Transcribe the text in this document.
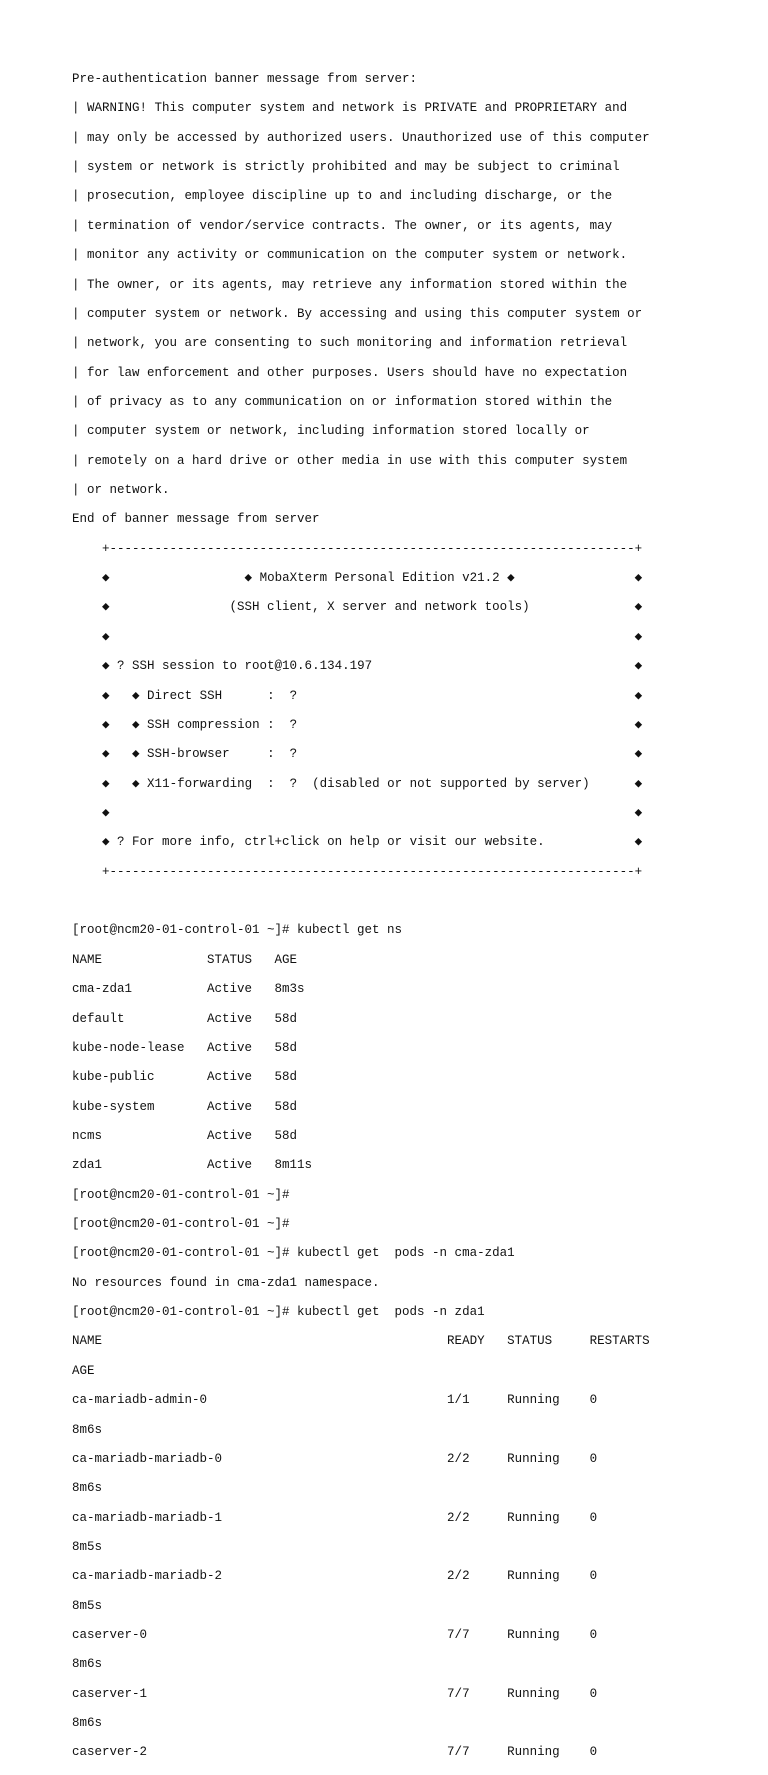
Pre-authentication banner message from server:

| WARNING! This computer system and network is PRIVATE and PROPRIETARY and

| may only be accessed by authorized users. Unauthorized use of this computer

| system or network is strictly prohibited and may be subject to criminal

| prosecution, employee discipline up to and including discharge, or the

| termination of vendor/service contracts. The owner, or its agents, may

| monitor any activity or communication on the computer system or network.

| The owner, or its agents, may retrieve any information stored within the

| computer system or network. By accessing and using this computer system or

| network, you are consenting to such monitoring and information retrieval

| for law enforcement and other purposes. Users should have no expectation

| of privacy as to any communication on or information stored within the

| computer system or network, including information stored locally or

| remotely on a hard drive or other media in use with this computer system

| or network.

End of banner message from server

+----------------------------------------------------------------------+

◆                  ◆ MobaXterm Personal Edition v21.2 ◆                ◆

◆                (SSH client, X server and network tools)              ◆

◆                                                                      ◆

◆ ? SSH session to root@10.6.134.197                                   ◆

◆   ◆ Direct SSH      :  ?                                             ◆

◆   ◆ SSH compression :  ?                                             ◆

◆   ◆ SSH-browser     :  ?                                             ◆

◆   ◆ X11-forwarding  :  ?  (disabled or not supported by server)      ◆

◆                                                                      ◆

◆ ? For more info, ctrl+click on help or visit our website.            ◆

+----------------------------------------------------------------------+

[root@ncm20-01-control-01 ~]# kubectl get ns

NAME              STATUS   AGE

cma-zda1          Active   8m3s

default           Active   58d

kube-node-lease   Active   58d

kube-public       Active   58d

kube-system       Active   58d

ncms              Active   58d

zda1              Active   8m11s

[root@ncm20-01-control-01 ~]#

[root@ncm20-01-control-01 ~]#

[root@ncm20-01-control-01 ~]# kubectl get  pods -n cma-zda1

No resources found in cma-zda1 namespace.

[root@ncm20-01-control-01 ~]# kubectl get  pods -n zda1

NAME                                              READY   STATUS     RESTARTS

AGE

ca-mariadb-admin-0                                1/1     Running    0

8m6s

ca-mariadb-mariadb-0                              2/2     Running    0

8m6s

ca-mariadb-mariadb-1                              2/2     Running    0

8m5s

ca-mariadb-mariadb-2                              2/2     Running    0

8m5s

caserver-0                                        7/7     Running    0

8m6s

caserver-1                                        7/7     Running    0

8m6s

caserver-2                                        7/7     Running    0
